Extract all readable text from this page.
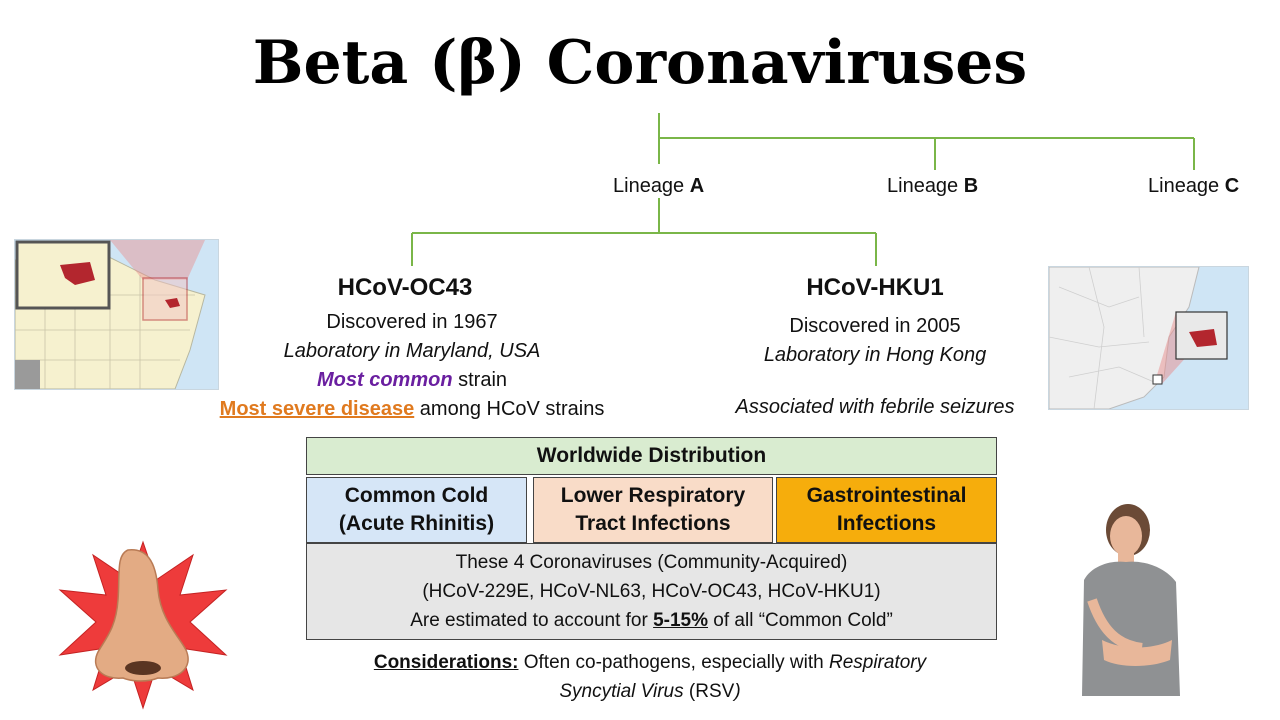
Beta (β) Coronaviruses
Lineage A	Lineage B	Lineage C
HCoV-OC43
Discovered in 1967
Laboratory in Maryland, USA
Most common strain
Most severe disease among HCoV strains
HCoV-HKU1
Discovered in 2005
Laboratory in Hong Kong
Associated with febrile seizures
Worldwide Distribution
Common Cold
(Acute Rhinitis)
Lower Respiratory
Tract Infections
Gastrointestinal
Infections
These 4 Coronaviruses (Community-Acquired)
(HCoV-229E, HCoV-NL63, HCoV-OC43, HCoV-HKU1)
Are estimated to account for 5-15% of all “Common Cold”
Considerations: Often co-pathogens, especially with Respiratory
Syncytial Virus (RSV)
